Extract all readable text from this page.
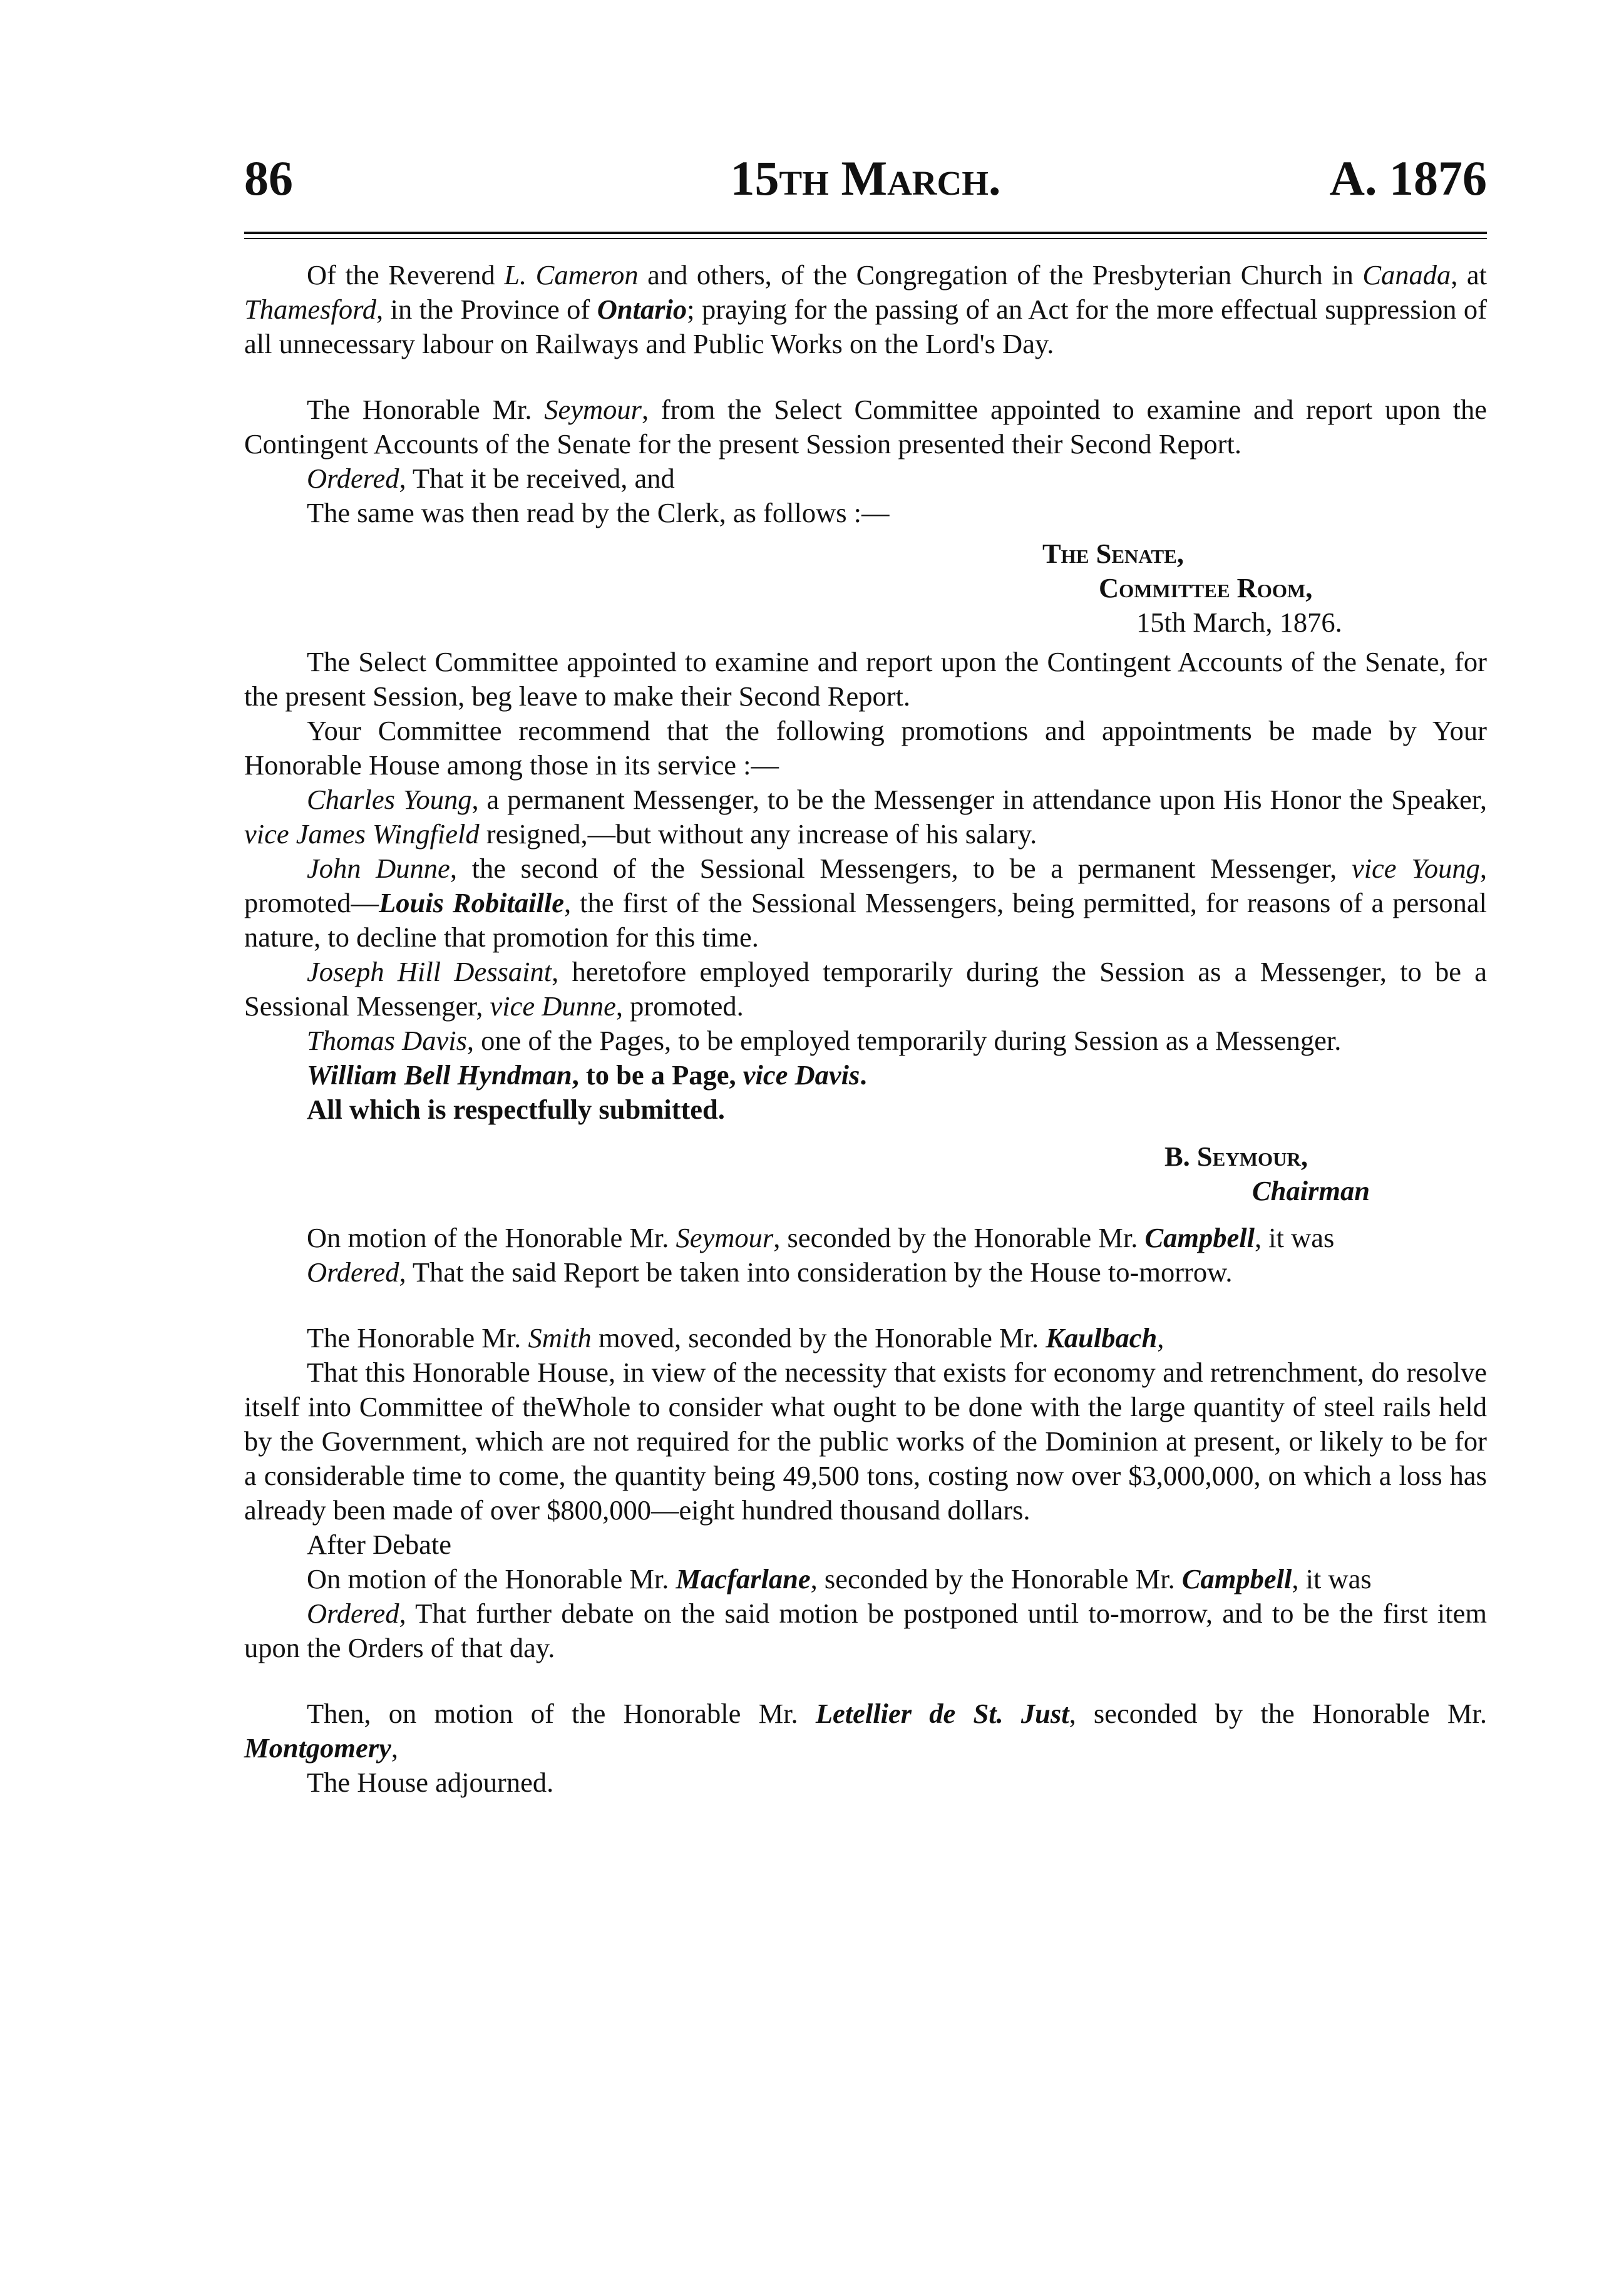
86	15th March.	A. 1876

Of the Reverend L. Cameron and others, of the Congregation of the Presbyterian Church in Canada, at Thamesford, in the Province of Ontario; praying for the passing of an Act for the more effectual suppression of all unnecessary labour on Railways and Public Works on the Lord's Day.

The Honorable Mr. Seymour, from the Select Committee appointed to examine and report upon the Contingent Accounts of the Senate for the present Session presented their Second Report.

Ordered, That it be received, and

The same was then read by the Clerk, as follows :—

The Senate,
Committee Room,
15th March, 1876.

The Select Committee appointed to examine and report upon the Contingent Accounts of the Senate, for the present Session, beg leave to make their Second Report.

Your Committee recommend that the following promotions and appointments be made by Your Honorable House among those in its service :—

Charles Young, a permanent Messenger, to be the Messenger in attendance upon His Honor the Speaker, vice James Wingfield resigned,—but without any increase of his salary.

John Dunne, the second of the Sessional Messengers, to be a permanent Messenger, vice Young, promoted—Louis Robitaille, the first of the Sessional Messengers, being permitted, for reasons of a personal nature, to decline that promotion for this time.

Joseph Hill Dessaint, heretofore employed temporarily during the Session as a Messenger, to be a Sessional Messenger, vice Dunne, promoted.

Thomas Davis, one of the Pages, to be employed temporarily during Session as a Messenger.

William Bell Hyndman, to be a Page, vice Davis.

All which is respectfully submitted.

B. Seymour,
Chairman

On motion of the Honorable Mr. Seymour, seconded by the Honorable Mr. Campbell, it was

Ordered, That the said Report be taken into consideration by the House to-morrow.

The Honorable Mr. Smith moved, seconded by the Honorable Mr. Kaulbach,

That this Honorable House, in view of the necessity that exists for economy and retrenchment, do resolve itself into Committee of theWhole to consider what ought to be done with the large quantity of steel rails held by the Government, which are not required for the public works of the Dominion at present, or likely to be for a considerable time to come, the quantity being 49,500 tons, costing now over $3,000,000, on which a loss has already been made of over $800,000—eight hundred thousand dollars.

After Debate

On motion of the Honorable Mr. Macfarlane, seconded by the Honorable Mr. Campbell, it was

Ordered, That further debate on the said motion be postponed until to-morrow, and to be the first item upon the Orders of that day.

Then, on motion of the Honorable Mr. Letellier de St. Just, seconded by the Honorable Mr. Montgomery,

The House adjourned.
